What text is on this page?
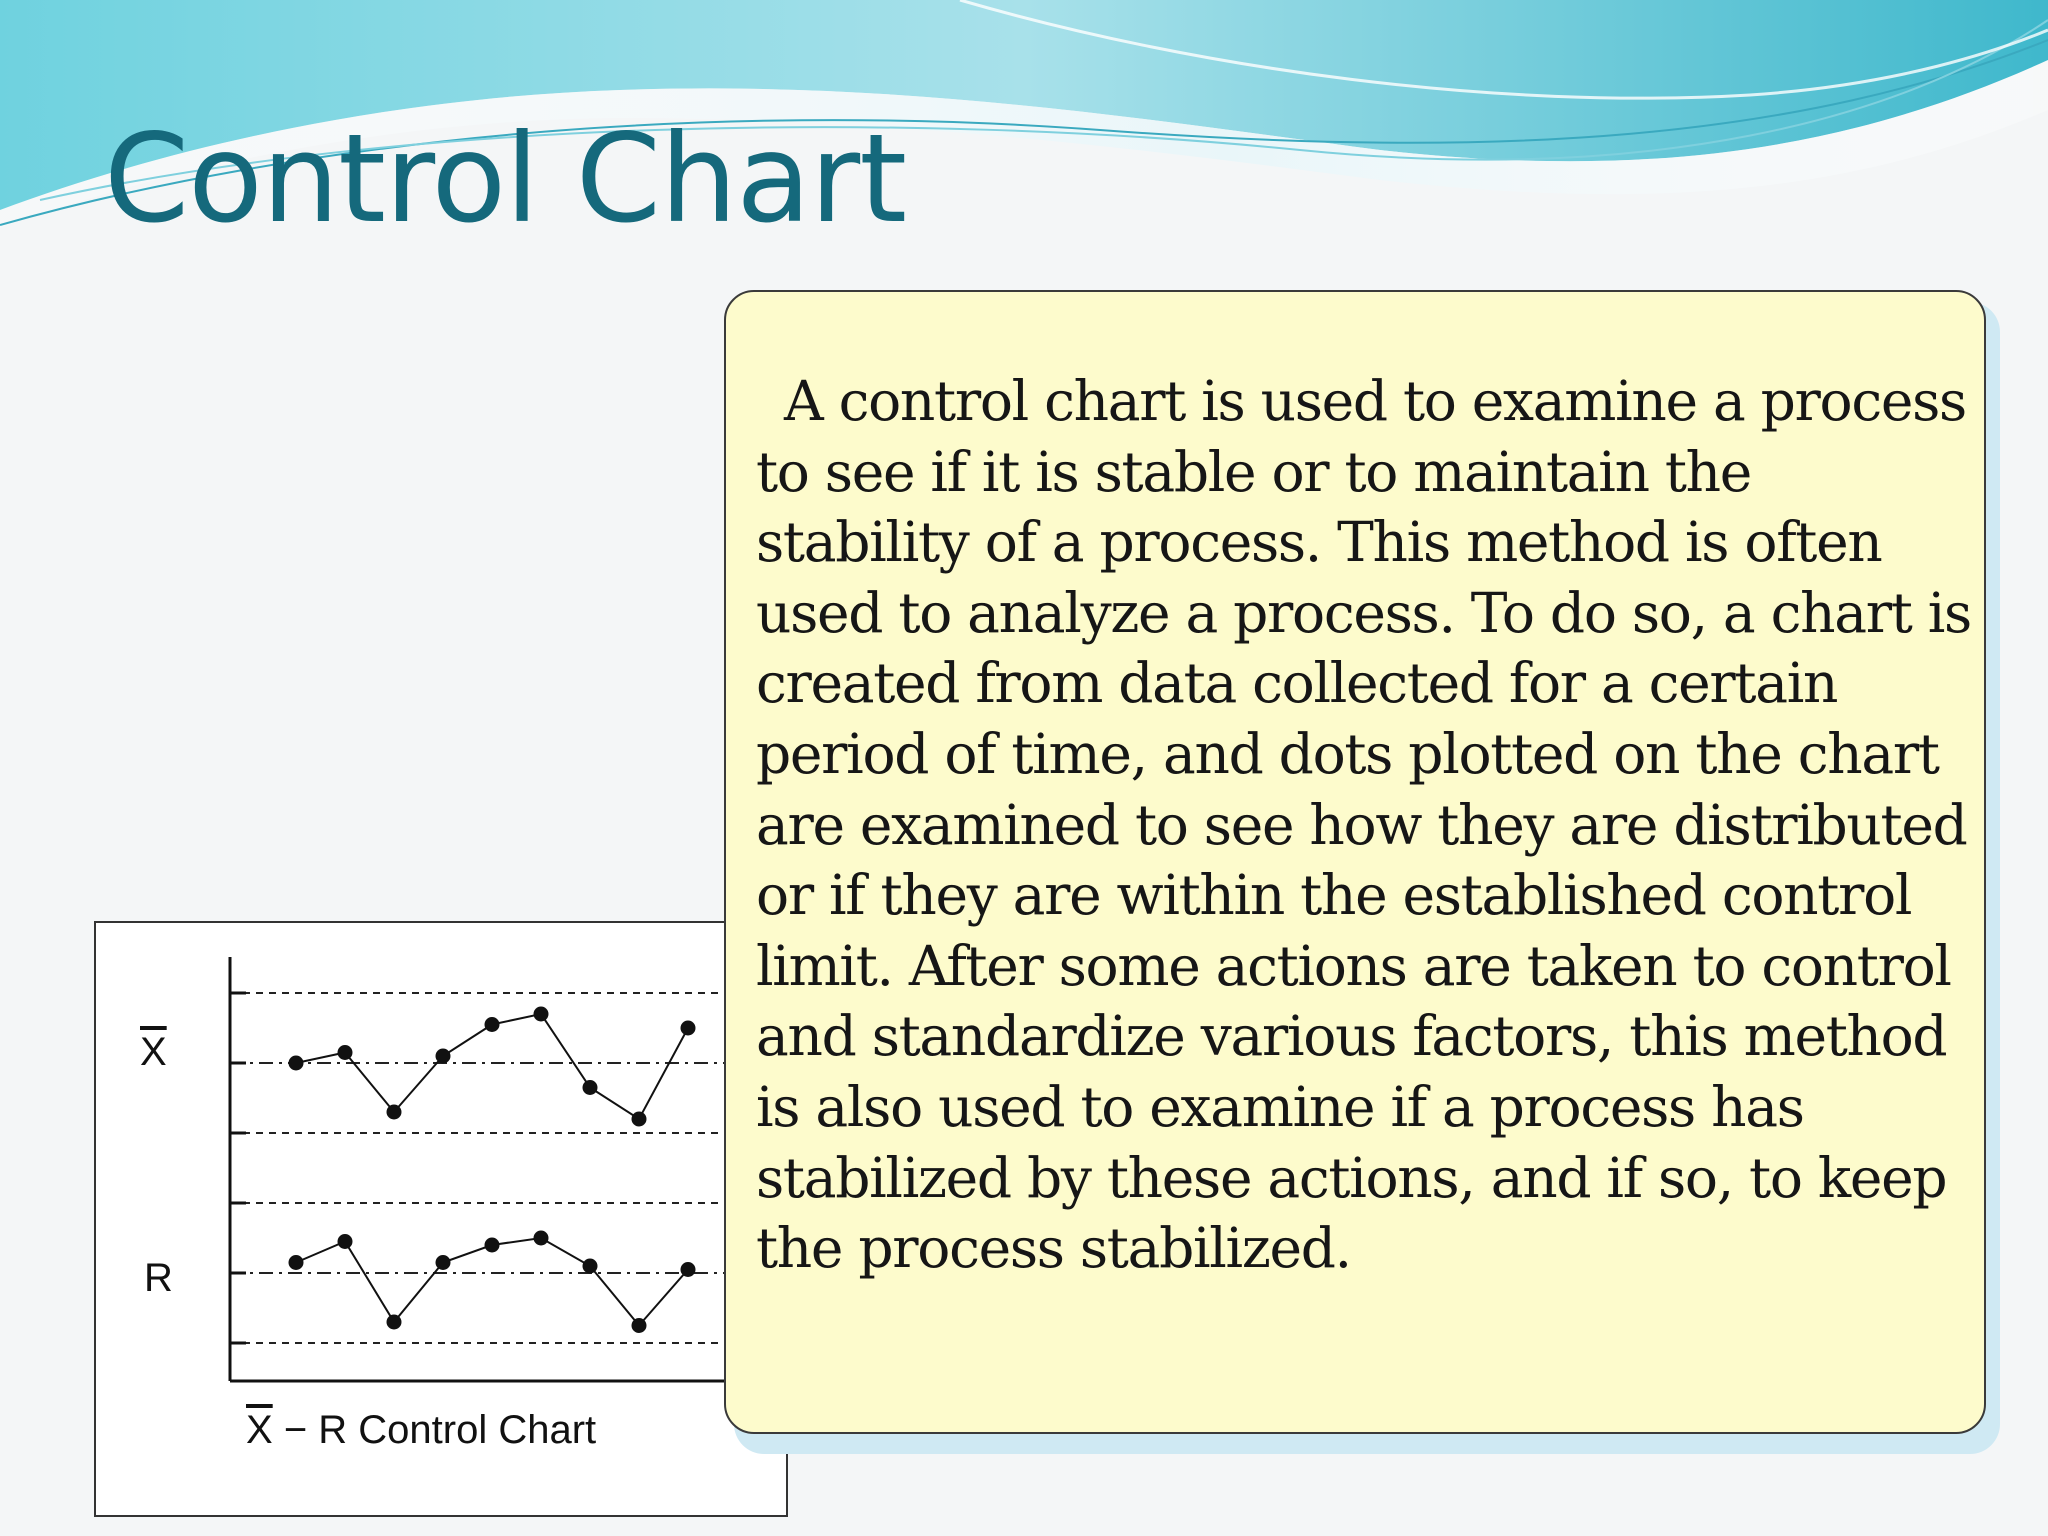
Control Chart
$\overline{X}$
R
$\overline{X} - R$ Control Chart

A control chart is used to examine a process to see if it is stable or to maintain the stability of a process. This method is often used to analyze a process. To do so, a chart is created from data collected for a certain period of time, and dots plotted on the chart are examined to see how they are distributed or if they are within the established control limit. After some actions are taken to control and standardize various factors, this method is also used to examine if a process has stabilized by these actions, and if so, to keep the process stabilized.
